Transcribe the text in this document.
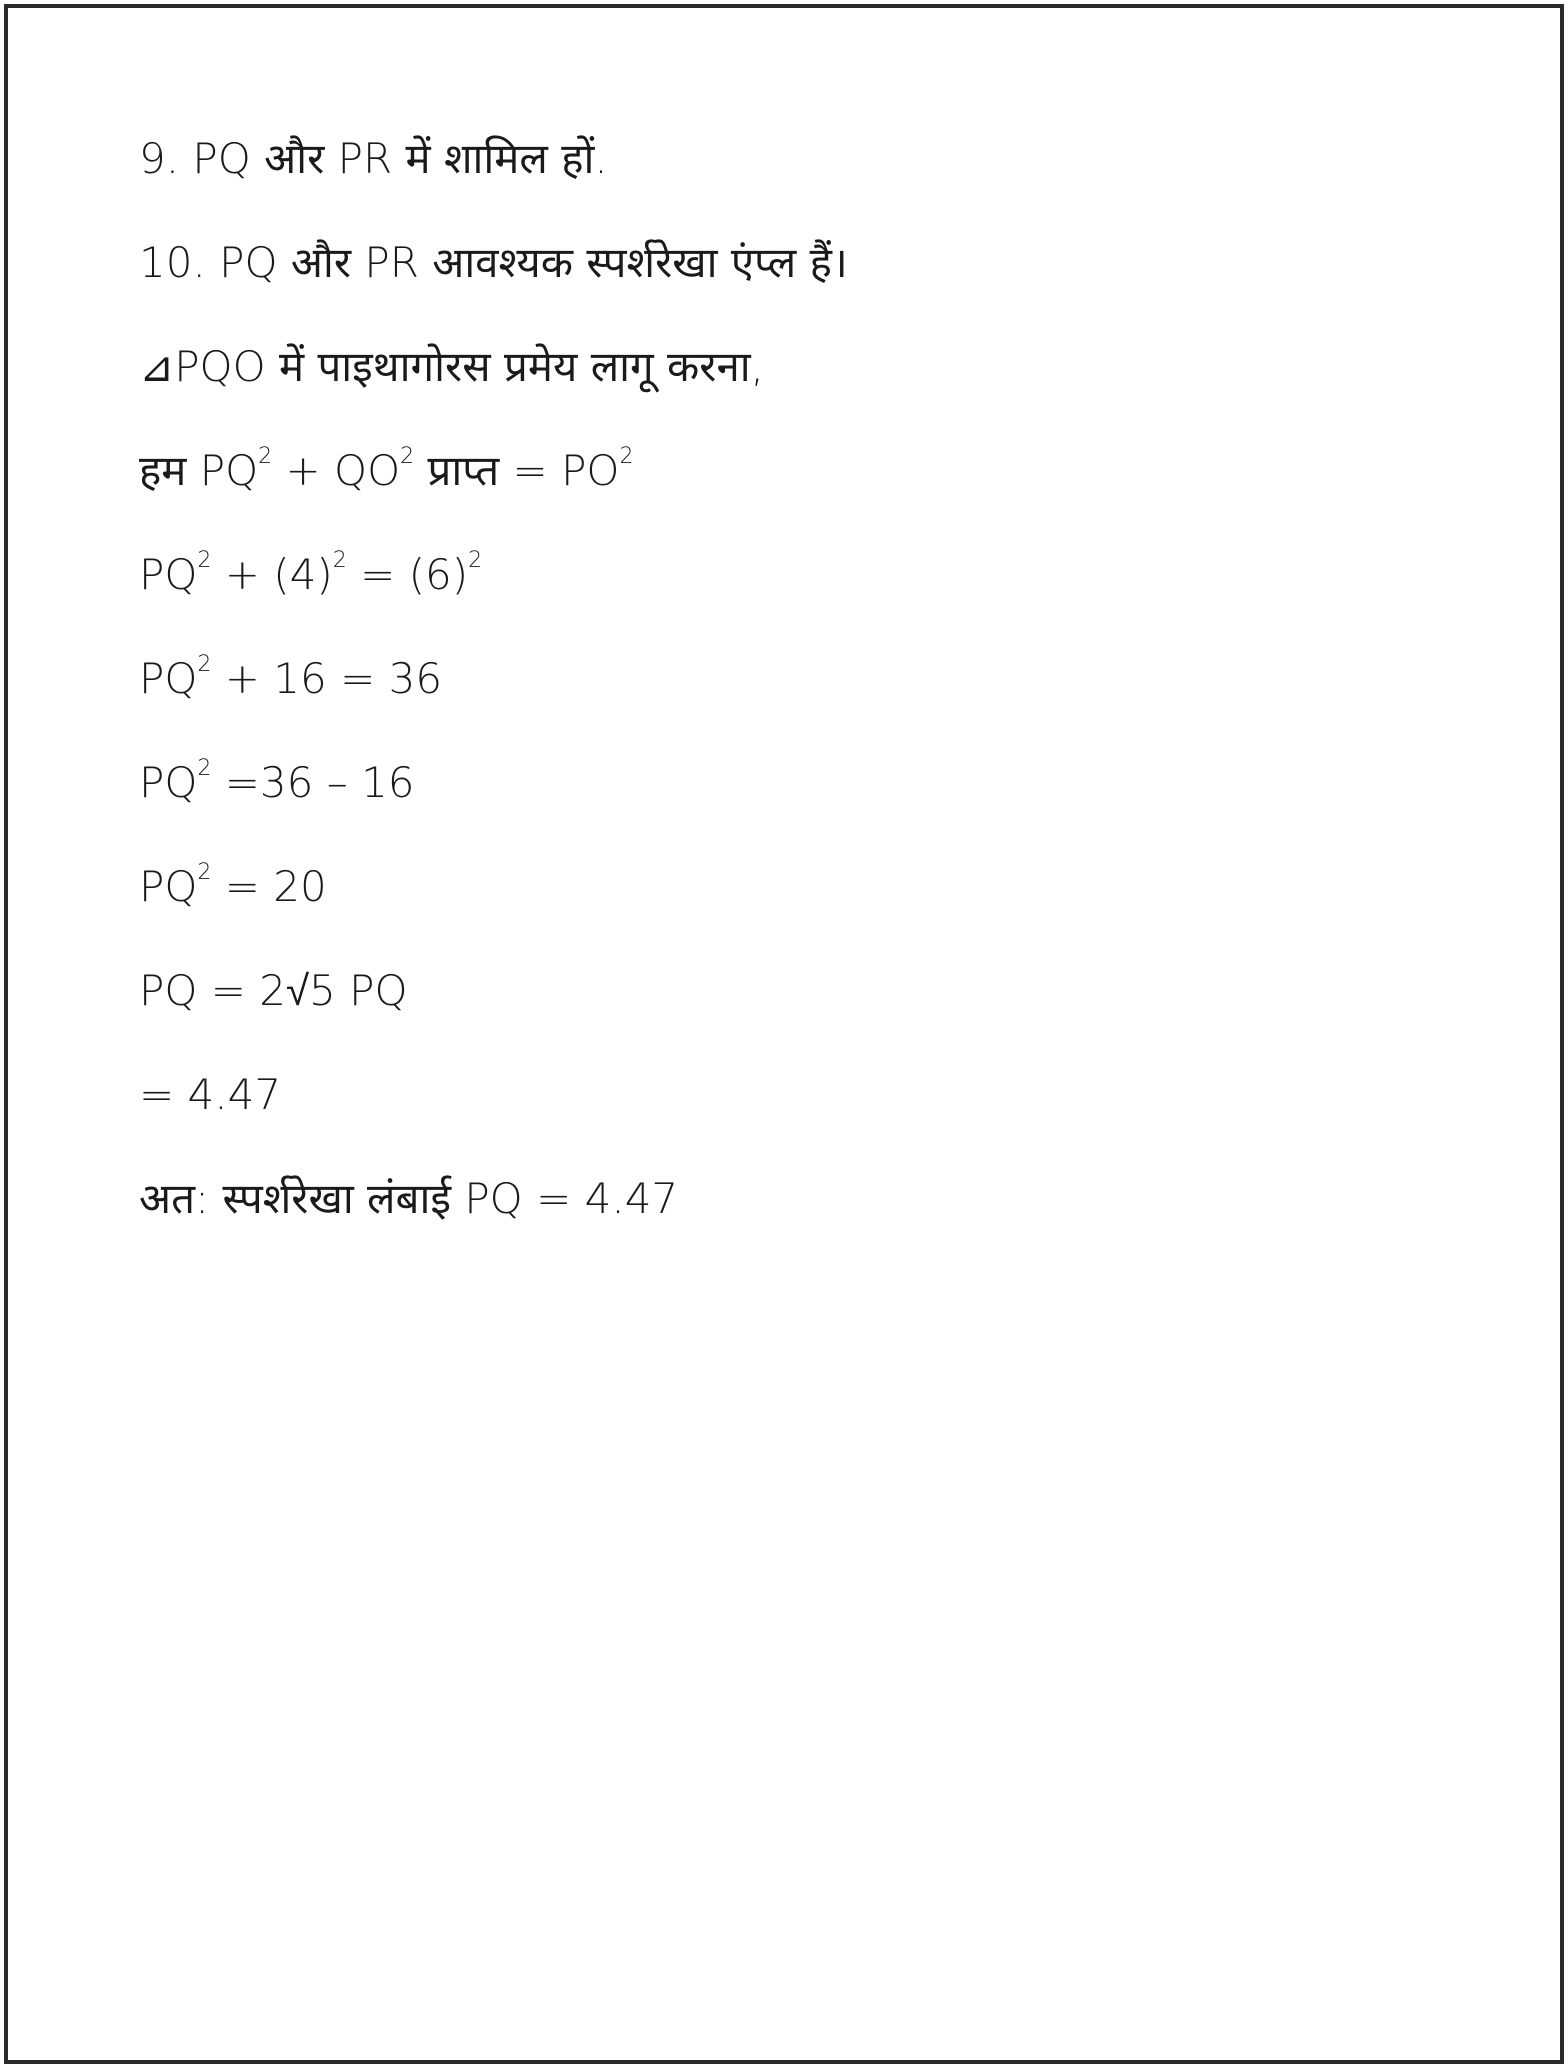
9. PQ और PR में शामिल हों.
10. PQ और PR आवश्यक स्पर्शरेखा एंप्ल हैं।
⊿PQO में पाइथागोरस प्रमेय लागू करना,
हम $PQ^2 + QO^2$ प्राप्त = $PO^2$
$PQ^2 + (4)^2 = (6)^2$
$PQ^2 + 16 = 36$
$PQ^2 =36 - 16$
$PQ^2 = 20$
PQ = 2√5 PQ
= 4.47
अत: स्पर्शरेखा लंबाई PQ = 4.47
